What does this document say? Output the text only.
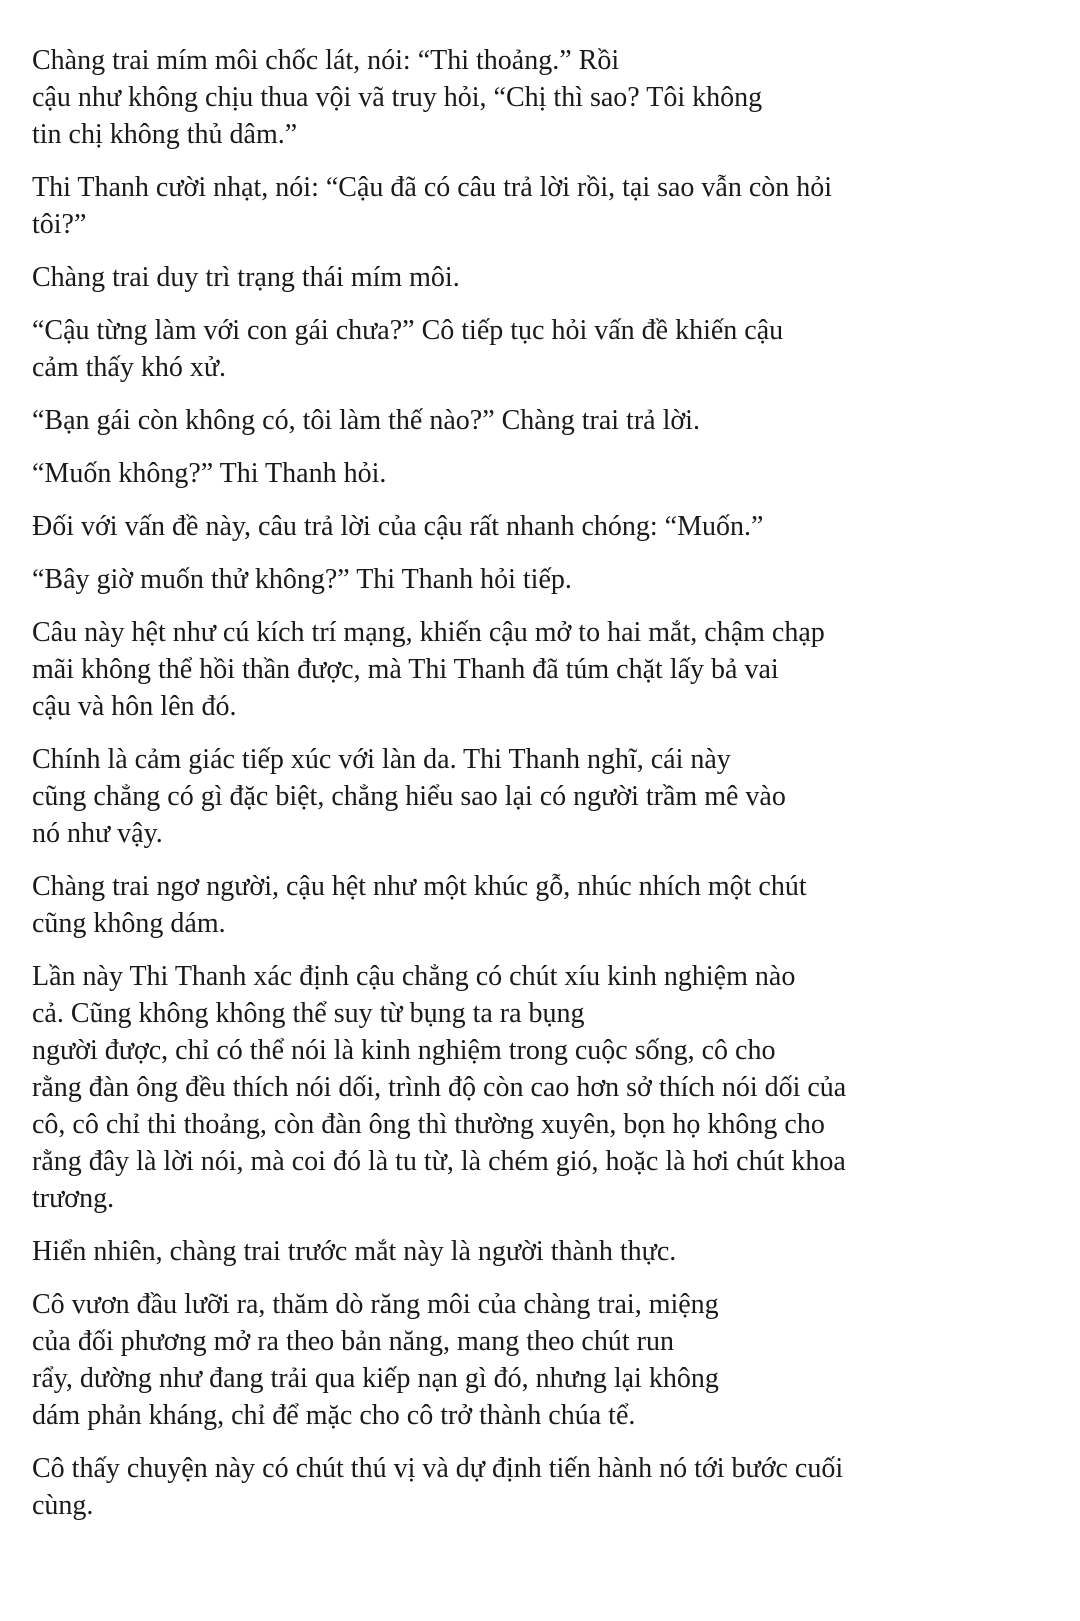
Chàng trai mím môi chốc lát, nói: “Thi thoảng.” Rồi
cậu như không chịu thua vội vã truy hỏi, “Chị thì sao? Tôi không
tin chị không thủ dâm.”

Thi Thanh cười nhạt, nói: “Cậu đã có câu trả lời rồi, tại sao vẫn còn hỏi
tôi?”

Chàng trai duy trì trạng thái mím môi.

“Cậu từng làm với con gái chưa?” Cô tiếp tục hỏi vấn đề khiến cậu
cảm thấy khó xử.

“Bạn gái còn không có, tôi làm thế nào?” Chàng trai trả lời.

“Muốn không?” Thi Thanh hỏi.

Đối với vấn đề này, câu trả lời của cậu rất nhanh chóng: “Muốn.”

“Bây giờ muốn thử không?” Thi Thanh hỏi tiếp.

Câu này hệt như cú kích trí mạng, khiến cậu mở to hai mắt, chậm chạp
mãi không thể hồi thần được, mà Thi Thanh đã túm chặt lấy bả vai
cậu và hôn lên đó.

Chính là cảm giác tiếp xúc với làn da. Thi Thanh nghĩ, cái này
cũng chẳng có gì đặc biệt, chẳng hiểu sao lại có người trầm mê vào
nó như vậy.

Chàng trai ngơ người, cậu hệt như một khúc gỗ, nhúc nhích một chút
cũng không dám.

Lần này Thi Thanh xác định cậu chẳng có chút xíu kinh nghiệm nào
cả. Cũng không không thể suy từ bụng ta ra bụng
người được, chỉ có thể nói là kinh nghiệm trong cuộc sống, cô cho
rằng đàn ông đều thích nói dối, trình độ còn cao hơn sở thích nói dối của
cô, cô chỉ thi thoảng, còn đàn ông thì thường xuyên, bọn họ không cho
rằng đây là lời nói, mà coi đó là tu từ, là chém gió, hoặc là hơi chút khoa
trương.

Hiển nhiên, chàng trai trước mắt này là người thành thực.

Cô vươn đầu lưỡi ra, thăm dò răng môi của chàng trai, miệng
của đối phương mở ra theo bản năng, mang theo chút run
rẩy, dường như đang trải qua kiếp nạn gì đó, nhưng lại không
dám phản kháng, chỉ để mặc cho cô trở thành chúa tể.

Cô thấy chuyện này có chút thú vị và dự định tiến hành nó tới bước cuối
cùng.
